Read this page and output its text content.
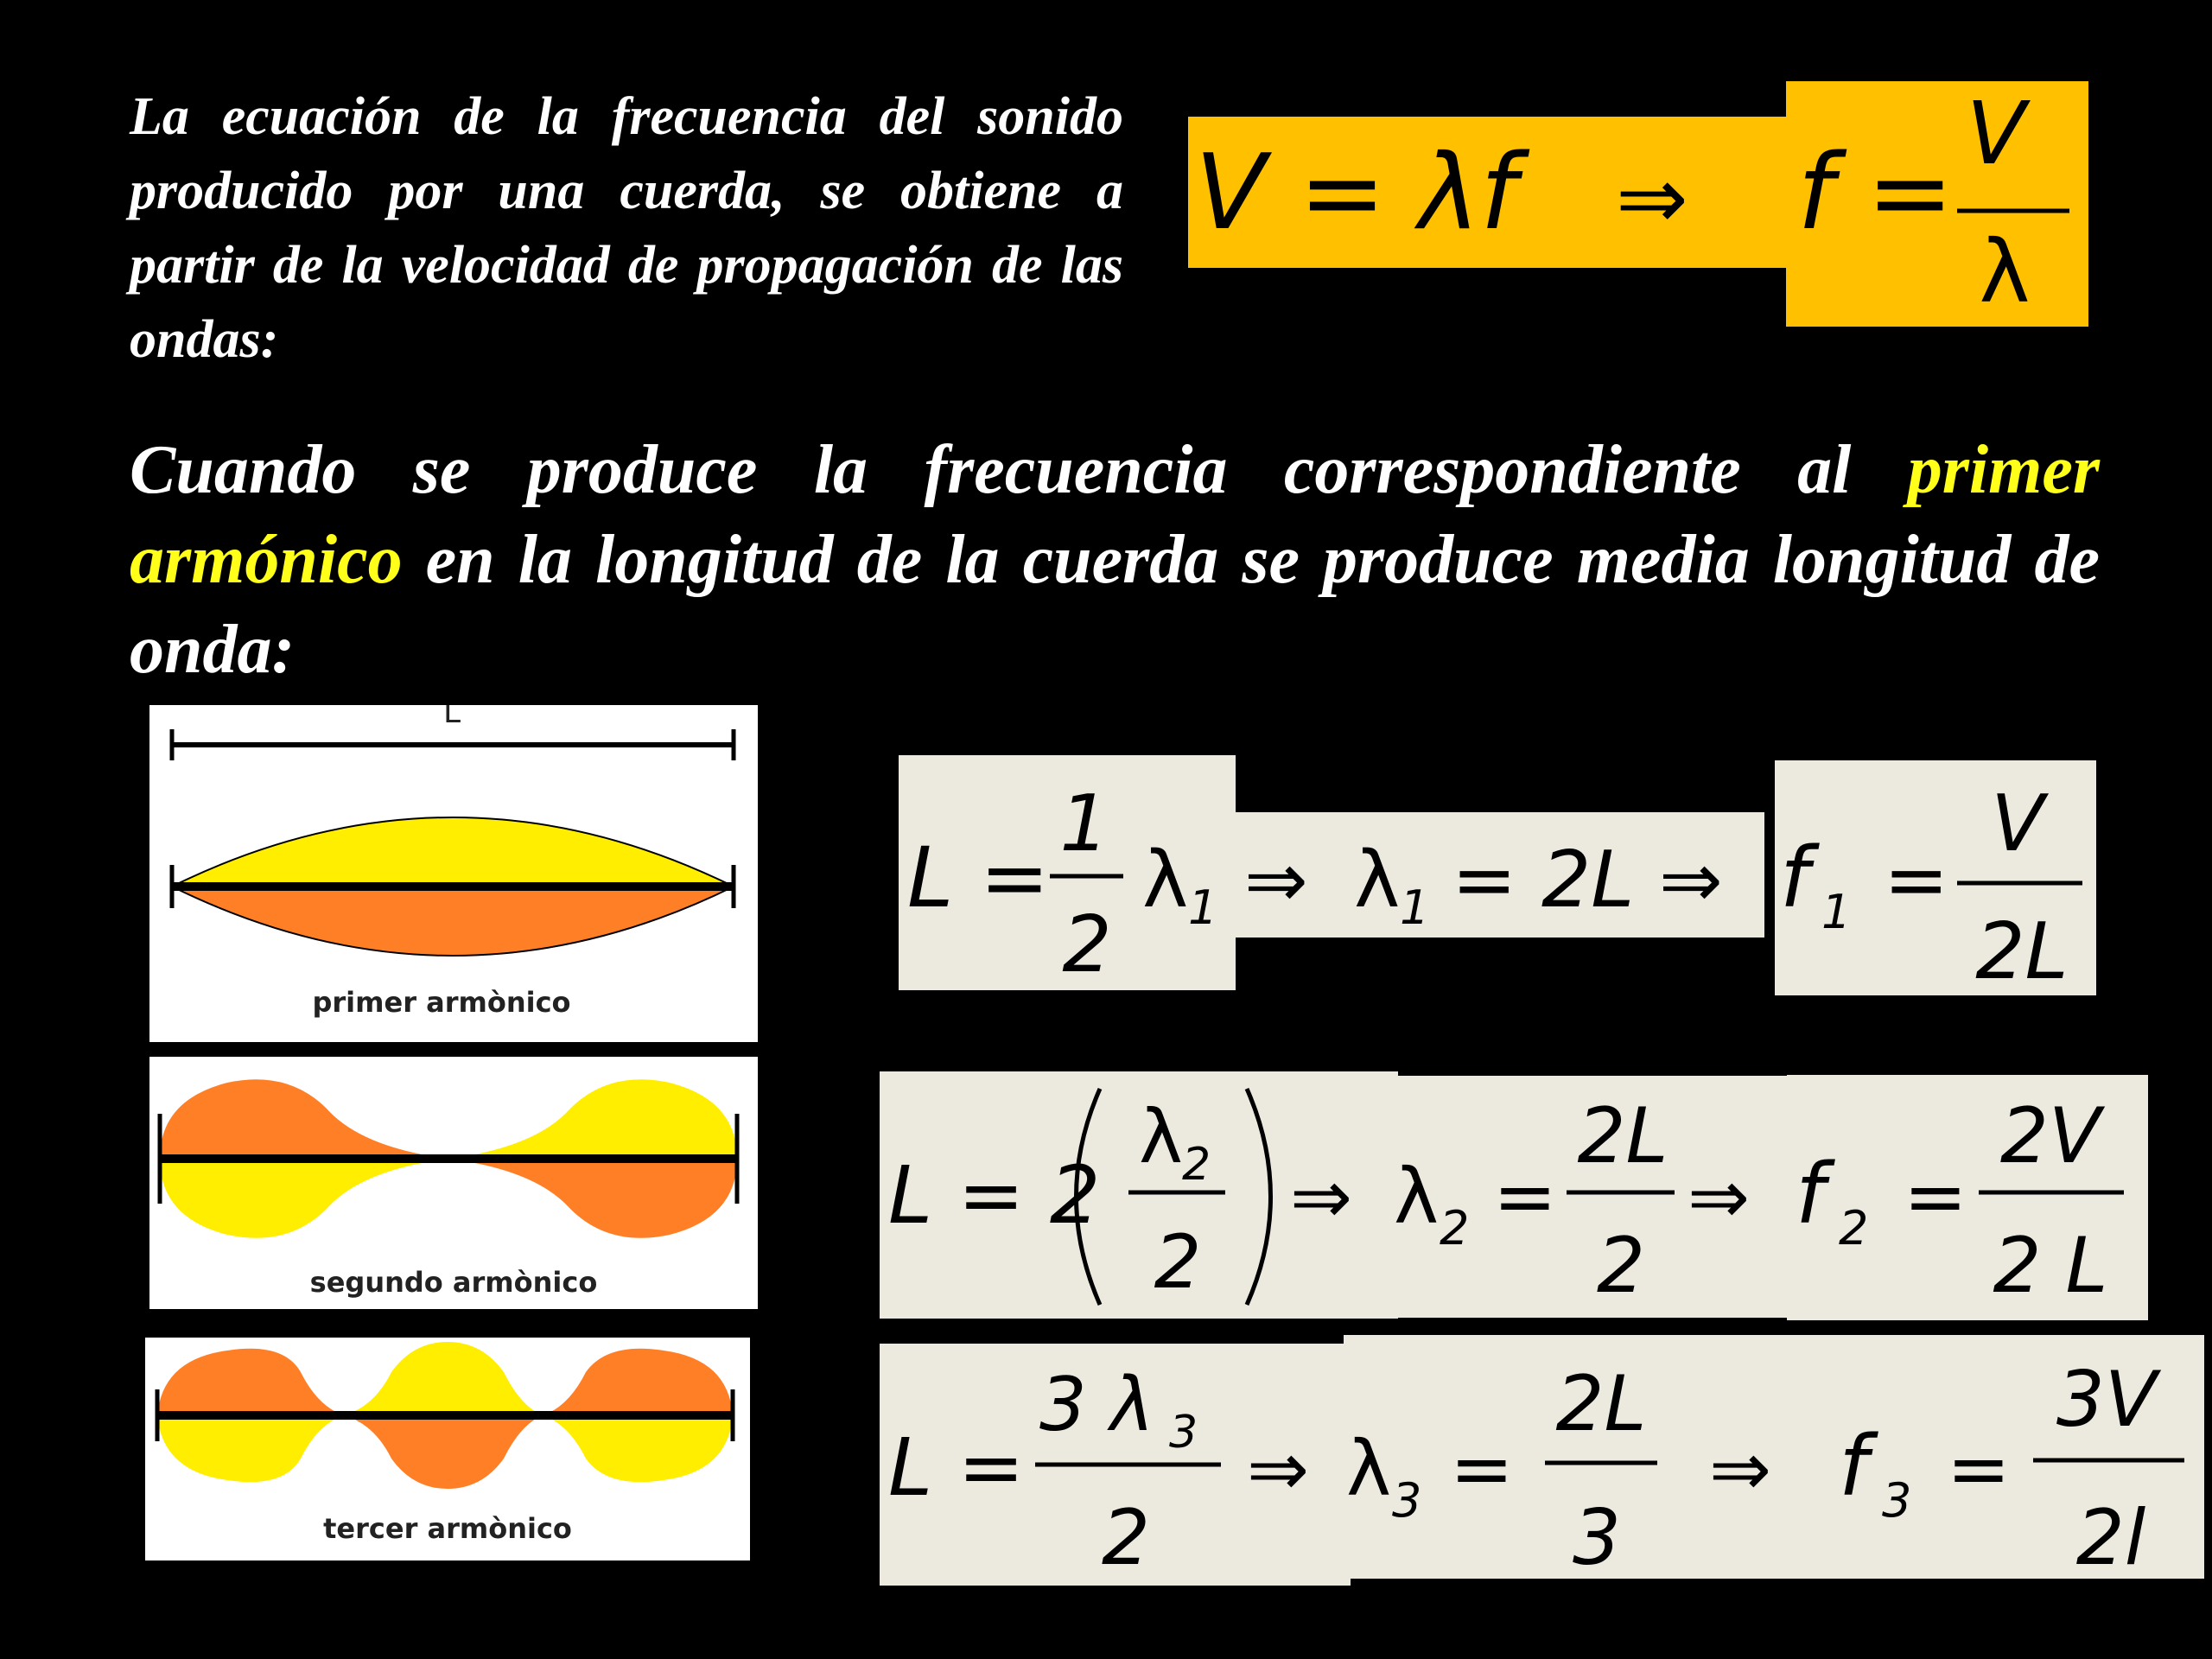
La ecuación de la frecuencia del sonido producido por una cuerda, se obtiene a partir de la velocidad de propagación de las ondas:
V = λf ⇒ f = V
λ
Cuando se produce la frecuencia correspondiente al primer armónico en la longitud de la cuerda se produce media longitud de onda:
L
primer armònico
segundo armònico
tercer armònico
L =
1
2
λ 1 ⇒ λ 1 = 2L ⇒ f 1 =
V
2L
L = 2
λ 2
2
⇒ λ 2 =
2L
2
⇒ f 2 =
2V
2 L
L =
3 λ 3
2
⇒ λ 3 =
2L
3
⇒ f 3 =
3V
2l
